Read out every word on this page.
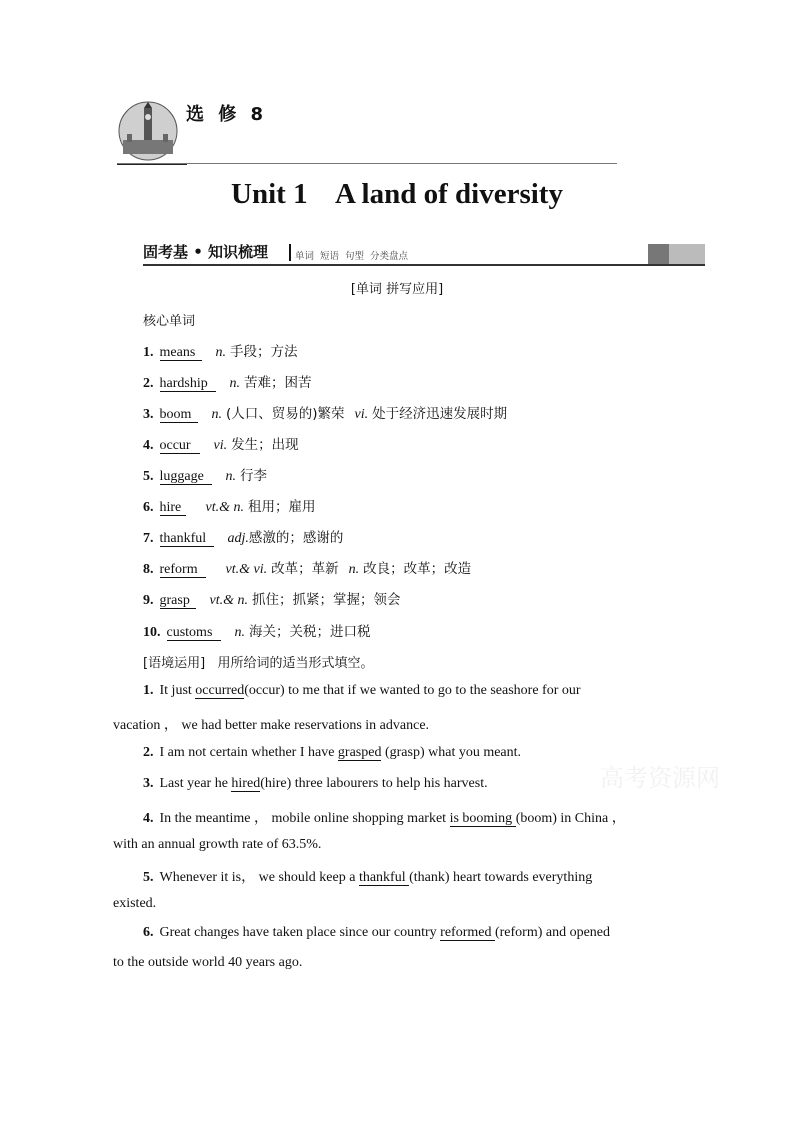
选 修 8
Unit 1    A land of diversity
固考基 • 知识梳理	单词 短语 句型 分类盘点
[单词 拼写应用]
核心单词
1. means n. 手段；方法
2. hardship n. 苦难；困苦
3. boom n. (人口、贸易的)繁荣 vi. 处于经济迅速发展时期
4. occur vi. 发生；出现
5. luggage n. 行李
6. hire vt.& n. 租用；雇用
7. thankful adj.感激的；感谢的
8. reform vt.& vi. 改革；革新 n. 改良；改革；改造
9. grasp vt.& n. 抓住；抓紧；掌握；领会
10. customs n. 海关；关税；进口税
[语境运用]   用所给词的适当形式填空。
1. It just occurred(occur) to me that if we wanted to go to the seashore for our
vacation ， we had better make reservations in advance.
2. I am not certain whether I have grasped (grasp) what you meant.
3. Last year he hired(hire) three labourers to help his harvest.
4. In the meantime ， mobile online shopping market is booming (boom) in China ，
with an annual growth rate of 63.5%.
5. Whenever it is， we should keep a thankful (thank) heart towards everything
existed.
6. Great changes have taken place since our country reformed (reform) and opened
to the outside world 40 years ago.
高考资源网
